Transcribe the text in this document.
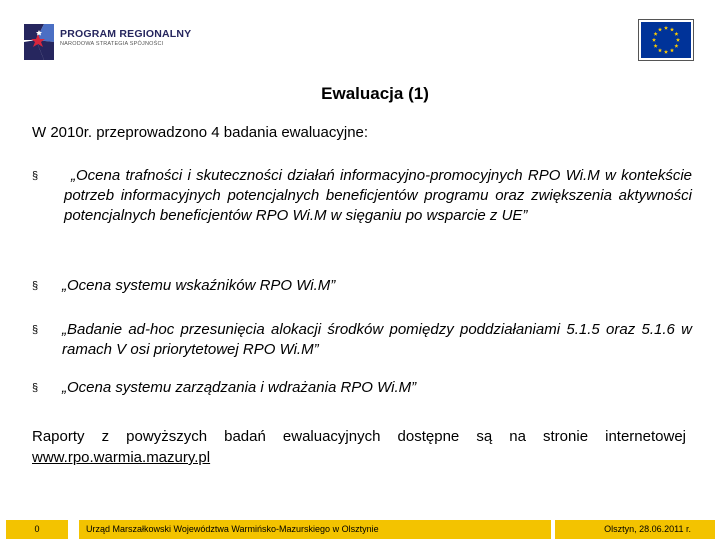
PROGRAM REGIONALNY
NARODOWA STRATEGIA SPÓJNOŚCI
Ewaluacja (1)
W 2010r. przeprowadzono 4 badania ewaluacyjne:
§	„Ocena trafności i skuteczności działań informacyjno-promocyjnych RPO Wi.M w kontekście potrzeb informacyjnych potencjalnych beneficjentów programu oraz zwiększenia aktywności potencjalnych beneficjentów RPO Wi.M w sięganiu po wsparcie z UE”
§ „Ocena systemu wskaźników RPO Wi.M”
§ „Badanie ad-hoc przesunięcia alokacji środków pomiędzy poddziałaniami 5.1.5 oraz 5.1.6 w ramach V osi priorytetowej RPO Wi.M”
§ „Ocena systemu zarządzania i wdrażania RPO Wi.M”
Raporty z powyższych badań ewaluacyjnych dostępne są na stronie internetowej www.rpo.warmia.mazury.pl
0	Urząd Marszałkowski Województwa Warmińsko-Mazurskiego w Olsztynie	Olsztyn, 28.06.2011 r.
